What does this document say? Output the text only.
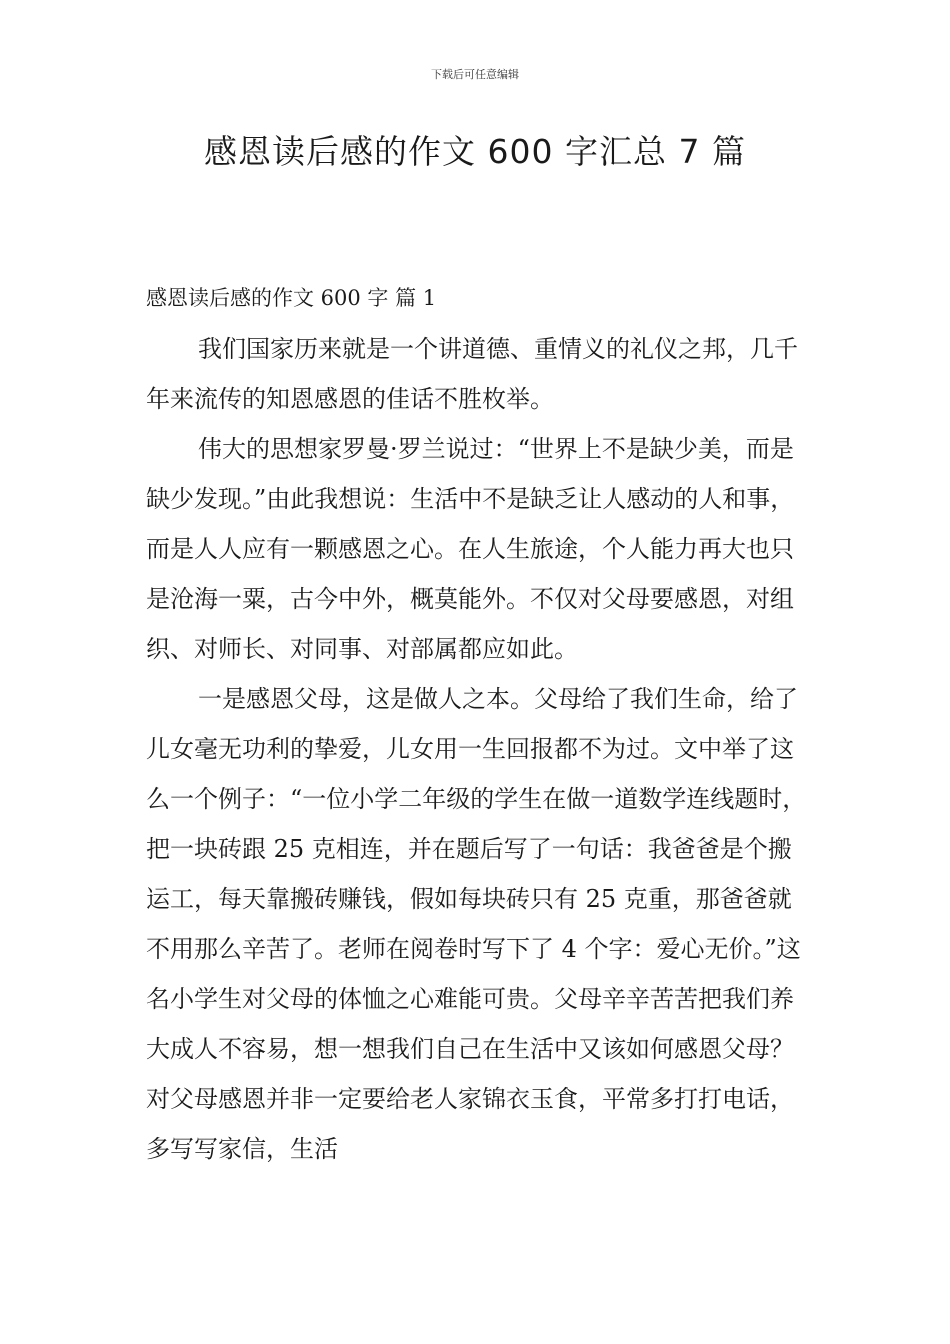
下载后可任意编辑
感恩读后感的作文 600 字汇总 7 篇
感恩读后感的作文 600 字 篇 1

我们国家历来就是一个讲道德、重情义的礼仪之邦，几千年来流传的知恩感恩的佳话不胜枚举。

伟大的思想家罗曼·罗兰说过：“世界上不是缺少美，而是缺少发现。”由此我想说：生活中不是缺乏让人感动的人和事，而是人人应有一颗感恩之心。在人生旅途，个人能力再大也只是沧海一粟，古今中外，概莫能外。不仅对父母要感恩，对组织、对师长、对同事、对部属都应如此。

一是感恩父母，这是做人之本。父母给了我们生命，给了儿女毫无功利的挚爱，儿女用一生回报都不为过。文中举了这么一个例子：“一位小学二年级的学生在做一道数学连线题时，把一块砖跟 25 克相连，并在题后写了一句话：我爸爸是个搬运工，每天靠搬砖赚钱，假如每块砖只有 25 克重，那爸爸就不用那么辛苦了。老师在阅卷时写下了 4 个字：爱心无价。”这名小学生对父母的体恤之心难能可贵。父母辛辛苦苦把我们养大成人不容易，想一想我们自己在生活中又该如何感恩父母？对父母感恩并非一定要给老人家锦衣玉食，平常多打打电话，多写写家信，生活
